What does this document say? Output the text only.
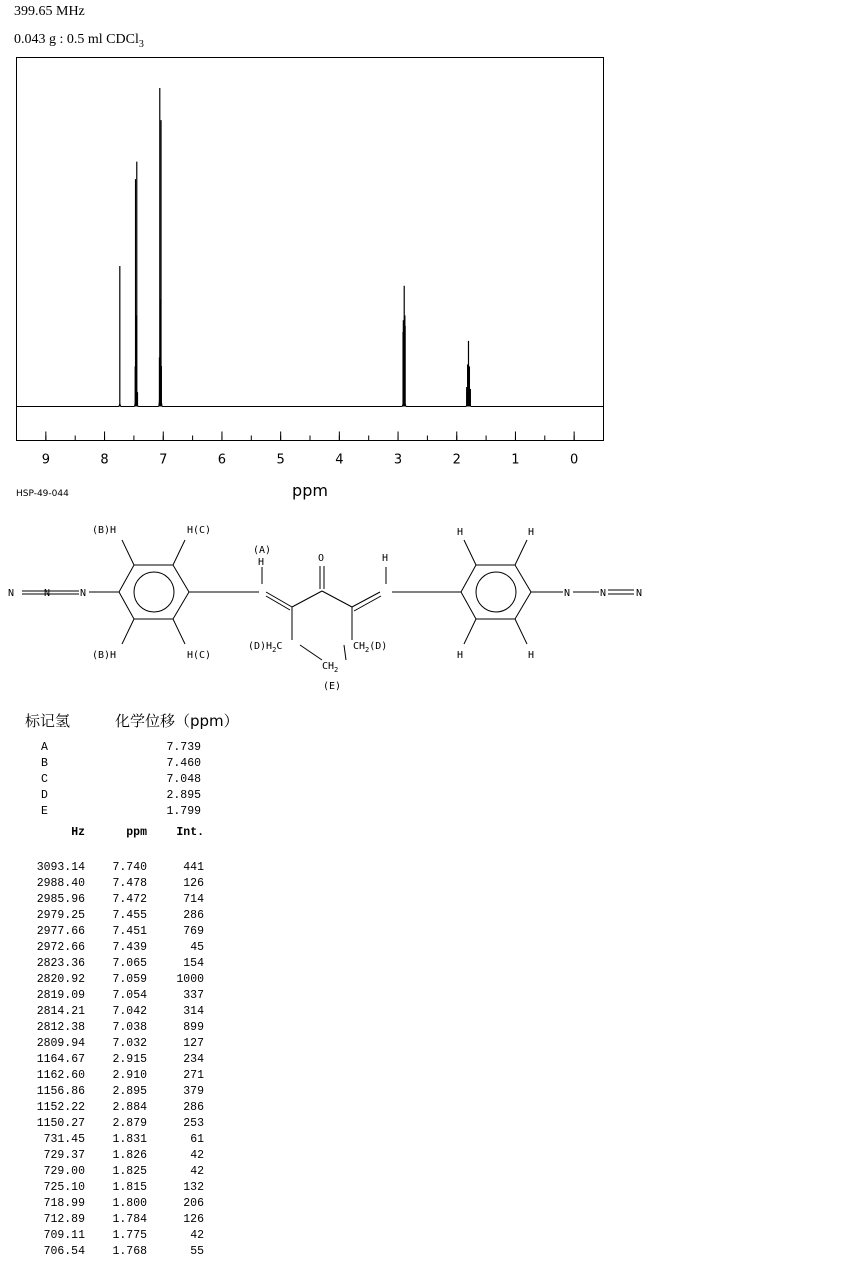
399.65 MHz
0.043 g : 0.5 ml CDCl$_3$
9	8	7	6	5	4	3	2	1	0
ppm
HSP-49-044
N	N	N
(B)H	H(C)
(B)H	H(C)
(A)
H	O	H
$(D)H_2C$	$CH_2(D)$
$CH_2$
(E)
H	H
H	H
N	N	N
标记氢	化学位移（ppm）
A	7.739
B	7.460
C	7.048
D	2.895
E	1.799
Hz	ppm	Int.
3093.14	7.740	441
2988.40	7.478	126
2985.96	7.472	714
2979.25	7.455	286
2977.66	7.451	769
2972.66	7.439	45
2823.36	7.065	154
2820.92	7.059	1000
2819.09	7.054	337
2814.21	7.042	314
2812.38	7.038	899
2809.94	7.032	127
1164.67	2.915	234
1162.60	2.910	271
1156.86	2.895	379
1152.22	2.884	286
1150.27	2.879	253
731.45	1.831	61
729.37	1.826	42
729.00	1.825	42
725.10	1.815	132
718.99	1.800	206
712.89	1.784	126
709.11	1.775	42
706.54	1.768	55
